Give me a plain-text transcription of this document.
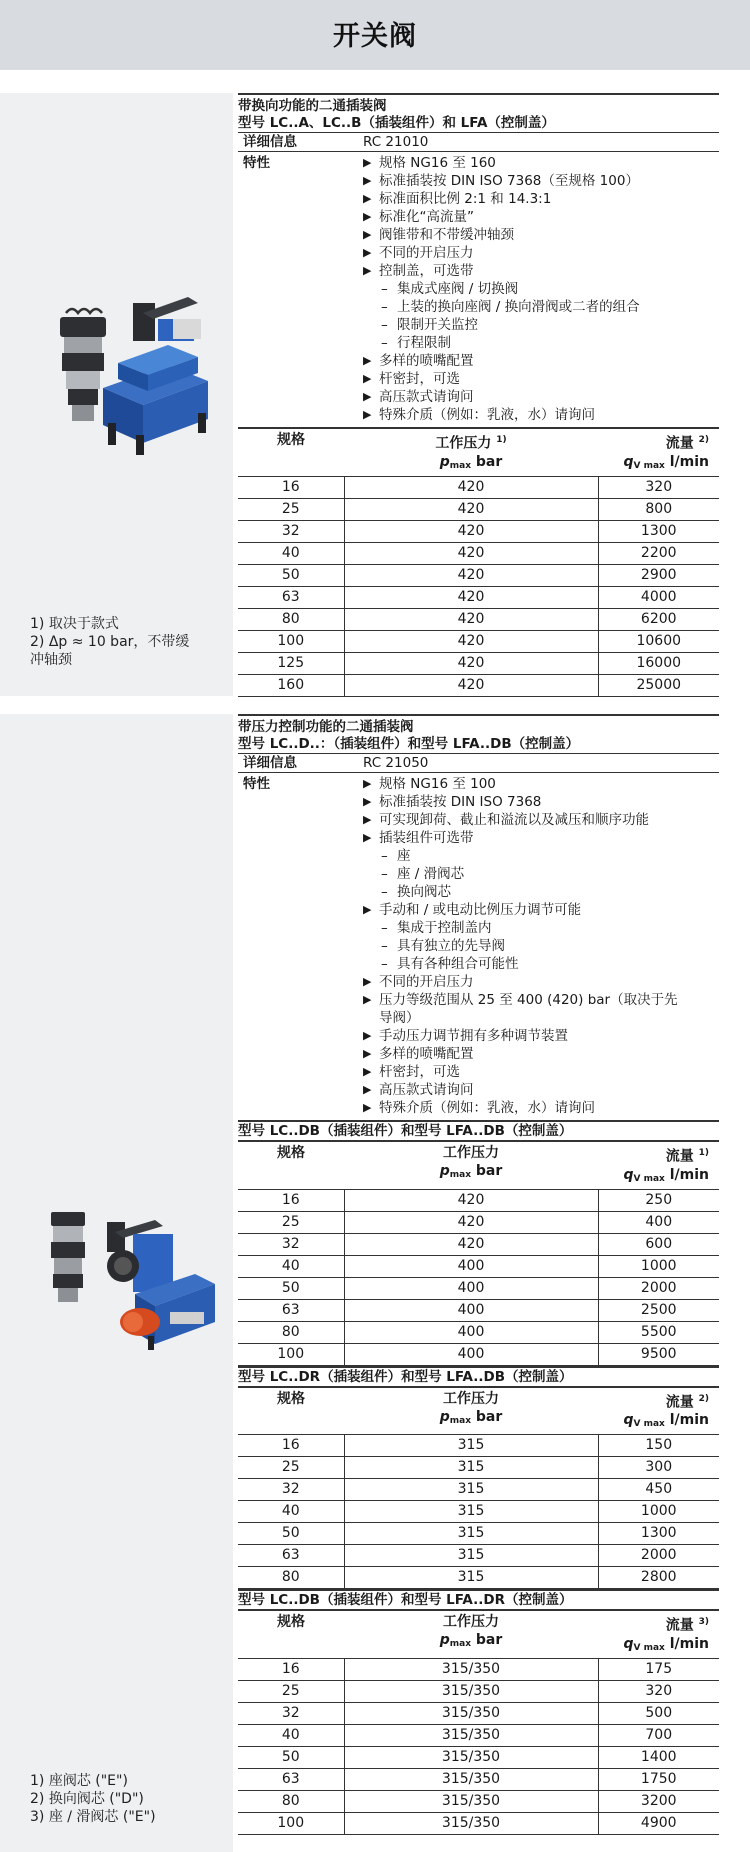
开关阀
1) 取决于款式
2) Δp ≈ 10 bar，不带缓
冲轴颈
带换向功能的二通插装阀
型号 LC..A、LC..B（插装组件）和 LFA（控制盖）
详细信息	RC 21010
特性	▶ 规格 NG16 至 160
▶ 标准插装按 DIN ISO 7368（至规格 100）
▶ 标准面积比例 2:1 和 14.3:1
▶ 标准化“高流量”
▶ 阀锥带和不带缓冲轴颈
▶ 不同的开启压力
▶ 控制盖，可选带
– 集成式座阀 / 切换阀
– 上装的换向座阀 / 换向滑阀或二者的组合
– 限制开关监控
– 行程限制
▶ 多样的喷嘴配置
▶ 杆密封，可选
▶ 高压款式请询问
▶ 特殊介质（例如：乳液，水）请询问
规格	工作压力 $^{1)}$
pmax bar	流量 $^{2)}$
qV max l/min
16	420	320
25	420	800
32	420	1300
40	420	2200
50	420	2900
63	420	4000
80	420	6200
100	420	10600
125	420	16000
160	420	25000
1) 座阀芯 ("E")
2) 换向阀芯 ("D")
3) 座 / 滑阀芯 ("E")
带压力控制功能的二通插装阀
型号 LC..D..：（插装组件）和型号 LFA..DB（控制盖）
详细信息	RC 21050
特性	▶ 规格 NG16 至 100
▶ 标准插装按 DIN ISO 7368
▶ 可实现卸荷、截止和溢流以及减压和顺序功能
▶ 插装组件可选带
– 座
– 座 / 滑阀芯
– 换向阀芯
▶ 手动和 / 或电动比例压力调节可能
– 集成于控制盖内
– 具有独立的先导阀
– 具有各种组合可能性
▶ 不同的开启压力
▶ 压力等级范围从 25 至 400 (420) bar（取决于先
导阀）
▶ 手动压力调节拥有多种调节装置
▶ 多样的喷嘴配置
▶ 杆密封，可选
▶ 高压款式请询问
▶ 特殊介质（例如：乳液，水）请询问
型号 LC..DB（插装组件）和型号 LFA..DB（控制盖）
规格	工作压力
pmax bar	流量 $^{1)}$
qV max l/min
16	420	250
25	420	400
32	420	600
40	400	1000
50	400	2000
63	400	2500
80	400	5500
100	400	9500
型号 LC..DR（插装组件）和型号 LFA..DB（控制盖）
规格	工作压力
pmax bar	流量 $^{2)}$
qV max l/min
16	315	150
25	315	300
32	315	450
40	315	1000
50	315	1300
63	315	2000
80	315	2800
型号 LC..DB（插装组件）和型号 LFA..DR（控制盖）
规格	工作压力
pmax bar	流量 $^{3)}$
qV max l/min
16	315/350	175
25	315/350	320
32	315/350	500
40	315/350	700
50	315/350	1400
63	315/350	1750
80	315/350	3200
100	315/350	4900
